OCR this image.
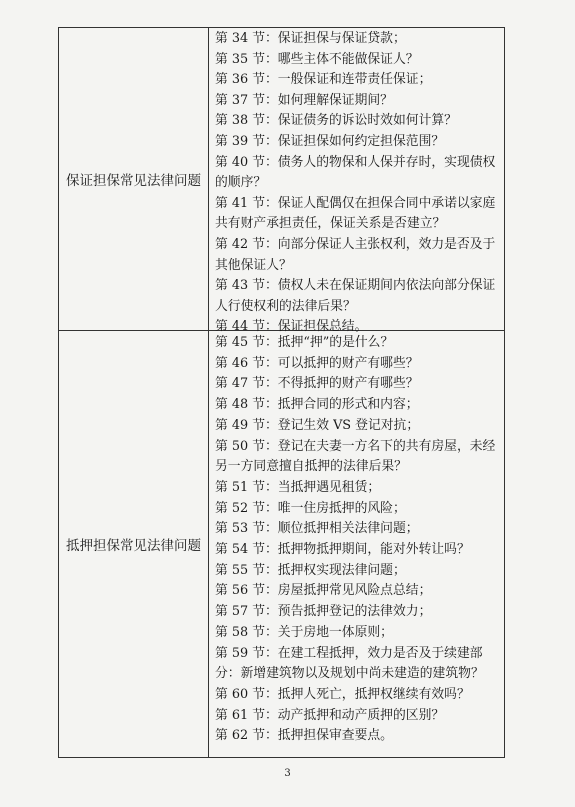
保证担保常见法律问题
第 34 节：保证担保与保证贷款；
第 35 节：哪些主体不能做保证人？
第 36 节：一般保证和连带责任保证；
第 37 节：如何理解保证期间？
第 38 节：保证债务的诉讼时效如何计算？
第 39 节：保证担保如何约定担保范围？
第 40 节：债务人的物保和人保并存时，实现债权的顺序？
第 41 节：保证人配偶仅在担保合同中承诺以家庭共有财产承担责任，保证关系是否建立？
第 42 节：向部分保证人主张权利，效力是否及于其他保证人？
第 43 节：债权人未在保证期间内依法向部分保证人行使权利的法律后果？
第 44 节：保证担保总结。
抵押担保常见法律问题
第 45 节：抵押“押”的是什么？
第 46 节：可以抵押的财产有哪些？
第 47 节：不得抵押的财产有哪些？
第 48 节：抵押合同的形式和内容；
第 49 节：登记生效 VS 登记对抗；
第 50 节：登记在夫妻一方名下的共有房屋，未经另一方同意擅自抵押的法律后果？
第 51 节：当抵押遇见租赁；
第 52 节：唯一住房抵押的风险；
第 53 节：顺位抵押相关法律问题；
第 54 节：抵押物抵押期间，能对外转让吗？
第 55 节：抵押权实现法律问题；
第 56 节：房屋抵押常见风险点总结；
第 57 节：预告抵押登记的法律效力；
第 58 节：关于房地一体原则；
第 59 节：在建工程抵押，效力是否及于续建部分：新增建筑物以及规划中尚未建造的建筑物？
第 60 节：抵押人死亡，抵押权继续有效吗？
第 61 节：动产抵押和动产质押的区别？
第 62 节：抵押担保审查要点。
3
